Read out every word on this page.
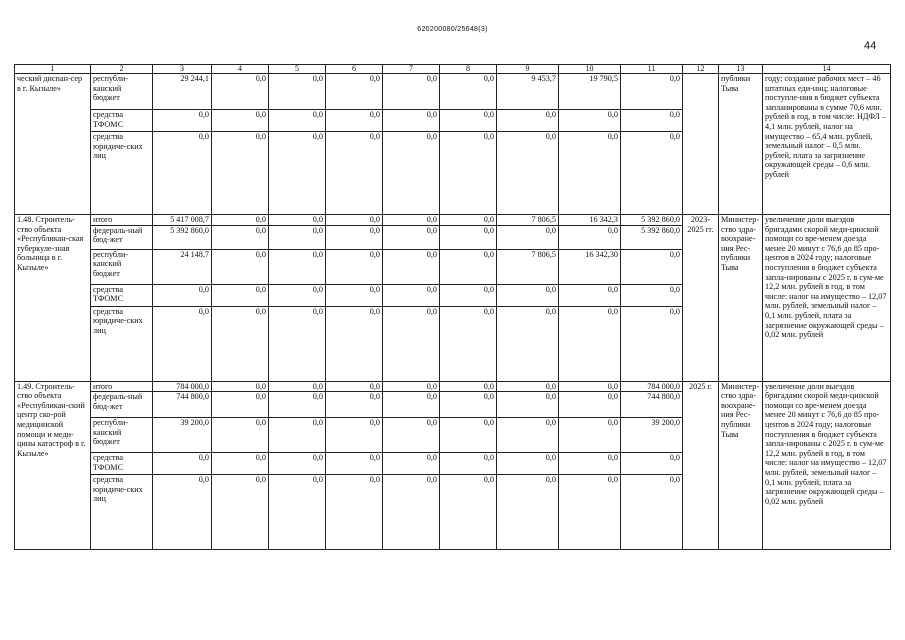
620200080/25648(3)
44
1	2	3	4	5	6	7	8	9	10	11	12	13	14
ческий диспан-сер в г. Кызыле»	республи-канский бюджет	29 244,1	0,0	0,0	0,0	0,0	0,0	9 453,7	19 790,5	0,0		публики Тыва	году; создание рабочих мест – 46 штатных еди-ниц; налоговые поступле-ния в бюджет субъекта запланированы в сумме 70,6 млн. рублей в год, в том числе: НДФЛ – 4,1 млн. рублей, налог на имущество – 65,4 млн. рублей, земельный налог – 0,5 млн. рублей, плата за загрязнение окружающей среды – 0,6 млн. рублей
	средства ТФОМС	0,0	0,0	0,0	0,0	0,0	0,0	0,0	0,0	0,0			
	средства юридиче-ских лиц	0,0	0,0	0,0	0,0	0,0	0,0	0,0	0,0	0,0			
1.48. Строитель-ство объекта «Республикан-ская туберкуле-зная больница в г. Кызыле»	итого	5 417 008,7	0,0	0,0	0,0	0,0	0,0	7 806,5	16 342,3	5 392 860,0	2023-2025 гг.	Министер-ство здра-воохране-ния Рес-публики Тыва	увеличение доли выездов бригадами скорой меди-цинской помощи со вре-менем доезда менее 20 минут с 76,6 до 85 про-центов в 2024 году; налоговые поступления в бюджет субъекта запла-нированы с 2025 г. в сум-ме 12,2 млн. рублей в год, в том числе: налог на имущество – 12,07 млн. рублей, земельный налог – 0,1 млн. рублей, плата за загрязнение окружающей среды – 0,02 млн. рублей
	федераль-ный бюд-жет	5 392 860,0	0,0	0,0	0,0	0,0	0,0	0,0	0,0	5 392 860,0			
	республи-канский бюджет	24 148,7	0,0	0,0	0,0	0,0	0,0	7 806,5	16 342,30	0,0			
	средства ТФОМС	0,0	0,0	0,0	0,0	0,0	0,0	0,0	0,0	0,0			
	средства юридиче-ских лиц	0,0	0,0	0,0	0,0	0,0	0,0	0,0	0,0	0,0			
1.49. Строитель-ство объекта «Республикан-ский центр ско-рой медицинской помощи и меди-цины катастроф в г. Кызыле»	итого	784 000,0	0,0	0,0	0,0	0,0	0,0	0,0	0,0	784 000,0	2025 г.	Министер-ство здра-воохране-ния Рес-публики Тыва	увеличение доли выездов бригадами скорой меди-цинской помощи со вре-менем доезда менее 20 минут с 76,6 до 85 про-центов в 2024 году; налоговые поступления в бюджет субъекта запла-нированы с 2025 г. в сум-ме 12,2 млн. рублей в год, в том числе: налог на имущество – 12,07 млн. рублей, земельный налог – 0,1 млн. рублей, плата за загрязнение окружающей среды – 0,02 млн. рублей
	федераль-ный бюд-жет	744 800,0	0,0	0,0	0,0	0,0	0,0	0,0	0,0	744 800,0			
	республи-канский бюджет	39 200,0	0,0	0,0	0,0	0,0	0,0	0,0	0,0	39 200,0			
	средства ТФОМС	0,0	0,0	0,0	0,0	0,0	0,0	0,0	0,0	0,0			
	средства юридиче-ских лиц	0,0	0,0	0,0	0,0	0,0	0,0	0,0	0,0	0,0			
